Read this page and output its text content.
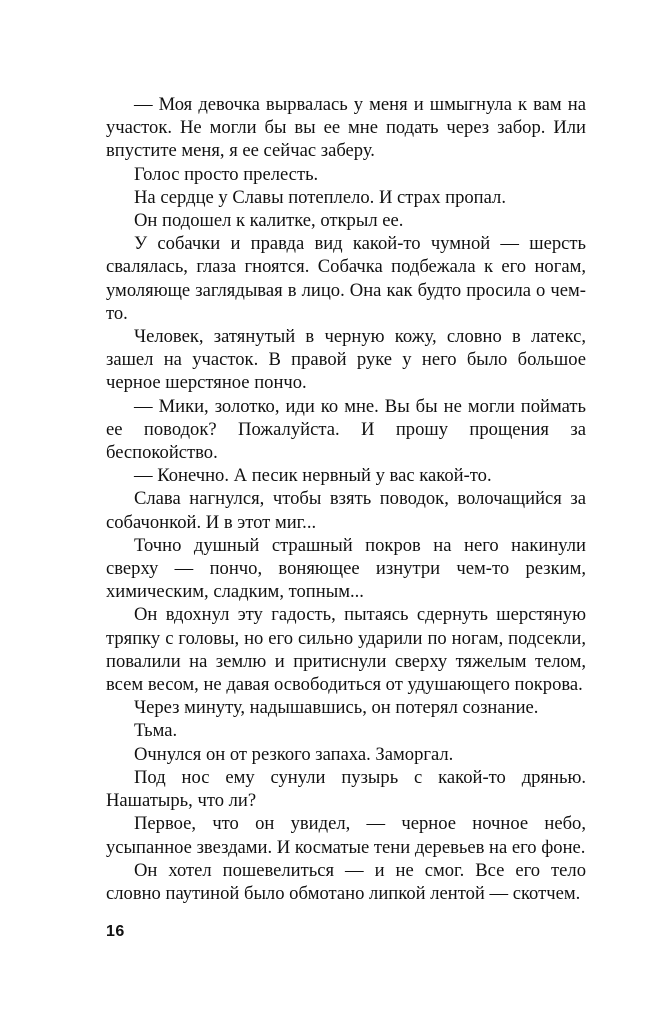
— Моя девочка вырвалась у меня и шмыгнула к вам на участок. Не могли бы вы ее мне подать через забор. Или впустите меня, я ее сейчас заберу.

Голос просто прелесть.

На сердце у Славы потеплело. И страх пропал.

Он подошел к калитке, открыл ее.

У собачки и правда вид какой-то чумной — шерсть свалялась, глаза гноятся. Собачка подбежала к его ногам, умоляюще заглядывая в лицо. Она как будто просила о чем-то.

Человек, затянутый в черную кожу, словно в латекс, зашел на участок. В правой руке у него было большое черное шерстяное пончо.

— Мики, золотко, иди ко мне. Вы бы не могли поймать ее поводок? Пожалуйста. И прошу прощения за беспокойство.

— Конечно. А песик нервный у вас какой-то.

Слава нагнулся, чтобы взять поводок, волочащийся за собачонкой. И в этот миг...

Точно душный страшный покров на него накинули сверху — пончо, воняющее изнутри чем-то резким, химическим, сладким, топным...

Он вдохнул эту гадость, пытаясь сдернуть шерстяную тряпку с головы, но его сильно ударили по ногам, подсекли, повалили на землю и притиснули сверху тяжелым телом, всем весом, не давая освободиться от удушающего покрова.

Через минуту, надышавшись, он потерял сознание.

Тьма.

Очнулся он от резкого запаха. Заморгал.

Под нос ему сунули пузырь с какой-то дрянью. Нашатырь, что ли?

Первое, что он увидел, — черное ночное небо, усыпанное звездами. И косматые тени деревьев на его фоне.

Он хотел пошевелиться — и не смог. Все его тело словно паутиной было обмотано липкой лентой — скотчем.

16
